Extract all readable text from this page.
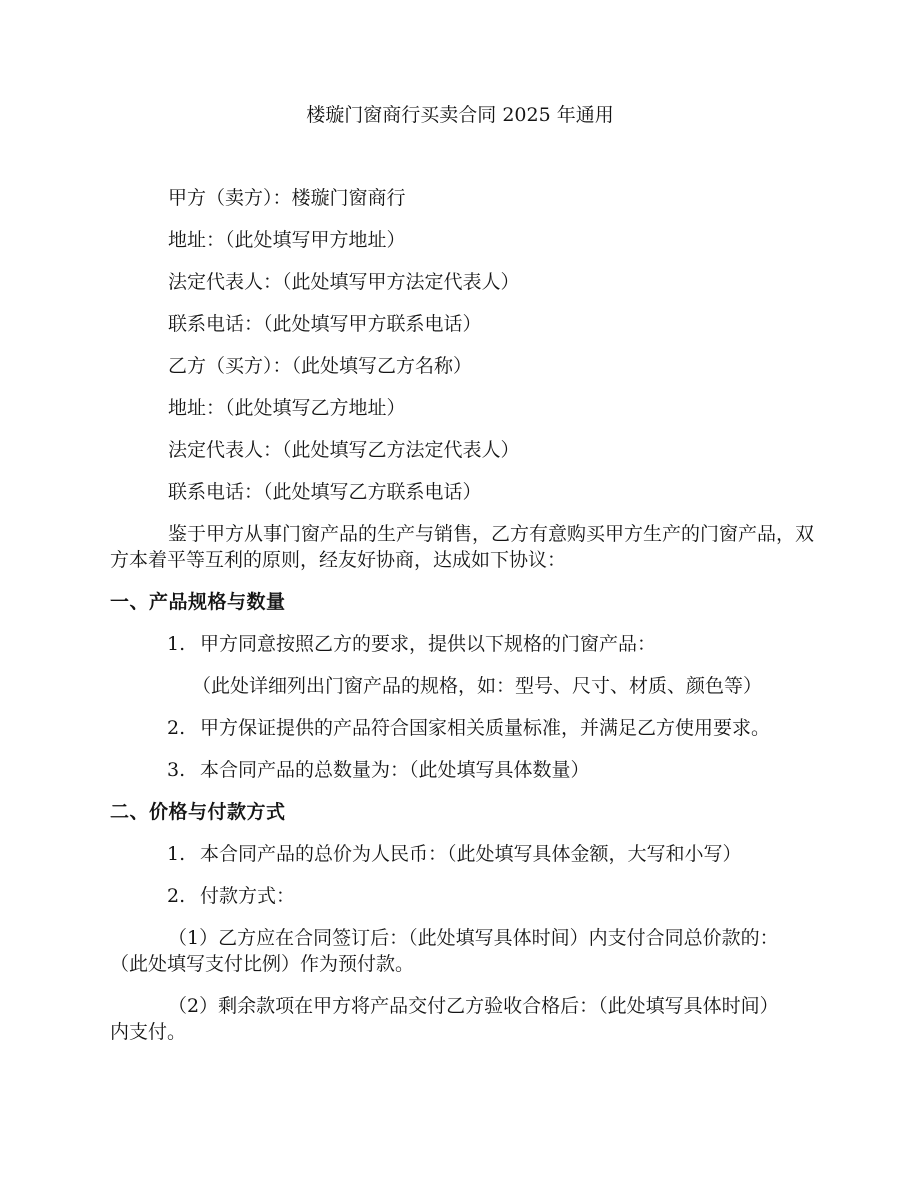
楼璇门窗商行买卖合同 2025 年通用
甲方（卖方）：楼璇门窗商行
地址：（此处填写甲方地址）
法定代表人：（此处填写甲方法定代表人）
联系电话：（此处填写甲方联系电话）
乙方（买方）：（此处填写乙方名称）
地址：（此处填写乙方地址）
法定代表人：（此处填写乙方法定代表人）
联系电话：（此处填写乙方联系电话）
鉴于甲方从事门窗产品的生产与销售，乙方有意购买甲方生产的门窗产品，双
方本着平等互利的原则，经友好协商，达成如下协议：
一、产品规格与数量
1. 甲方同意按照乙方的要求，提供以下规格的门窗产品：
（此处详细列出门窗产品的规格，如：型号、尺寸、材质、颜色等）
2. 甲方保证提供的产品符合国家相关质量标准，并满足乙方使用要求。
3. 本合同产品的总数量为：（此处填写具体数量）
二、价格与付款方式
1. 本合同产品的总价为人民币：（此处填写具体金额，大写和小写）
2. 付款方式：
（1）乙方应在合同签订后：（此处填写具体时间）内支付合同总价款的：
（此处填写支付比例）作为预付款。
（2）剩余款项在甲方将产品交付乙方验收合格后：（此处填写具体时间）
内支付。
